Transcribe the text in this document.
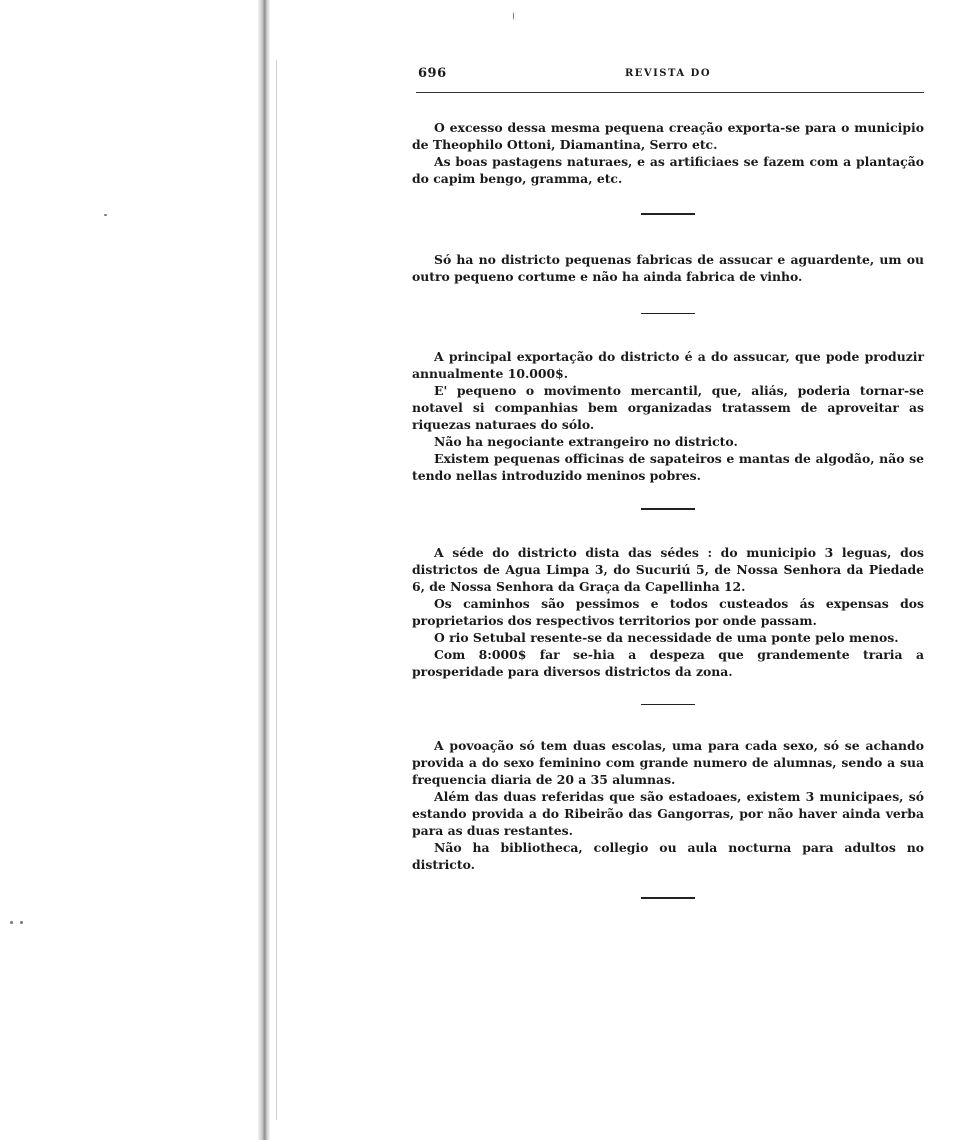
696	REVISTA DO

O excesso dessa mesma pequena creação exporta-se para o municipio de Theophilo Ottoni, Diamantina, Serro etc.

As boas pastagens naturaes, e as artificiaes se fazem com a plantação do capim bengo, gramma, etc.

Só ha no districto pequenas fabricas de assucar e aguardente, um ou outro pequeno cortume e não ha ainda fabrica de vinho.

A principal exportação do districto é a do assucar, que pode produzir annualmente 10.000$.

E' pequeno o movimento mercantil, que, aliás, poderia tornar-se notavel si companhias bem organizadas tratassem de aproveitar as riquezas naturaes do sólo.

Não ha negociante extrangeiro no districto.

Existem pequenas officinas de sapateiros e mantas de algodão, não se tendo nellas introduzido meninos pobres.

A séde do districto dista das sédes : do municipio 3 leguas, dos districtos de Agua Limpa 3, do Sucuriú 5, de Nossa Senhora da Piedade 6, de Nossa Senhora da Graça da Capellinha 12.

Os caminhos são pessimos e todos custeados ás expensas dos proprietarios dos respectivos territorios por onde passam.

O rio Setubal resente-se da necessidade de uma ponte pelo menos.

Com 8:000$ far se-hia a despeza que grandemente traria a prosperidade para diversos districtos da zona.

A povoação só tem duas escolas, uma para cada sexo, só se achando provida a do sexo feminino com grande numero de alumnas, sendo a sua frequencia diaria de 20 a 35 alumnas.

Além das duas referidas que são estadoaes, existem 3 municipaes, só estando provida a do Ribeirão das Gangorras, por não haver ainda verba para as duas restantes.

Não ha bibliotheca, collegio ou aula nocturna para adultos no districto.
